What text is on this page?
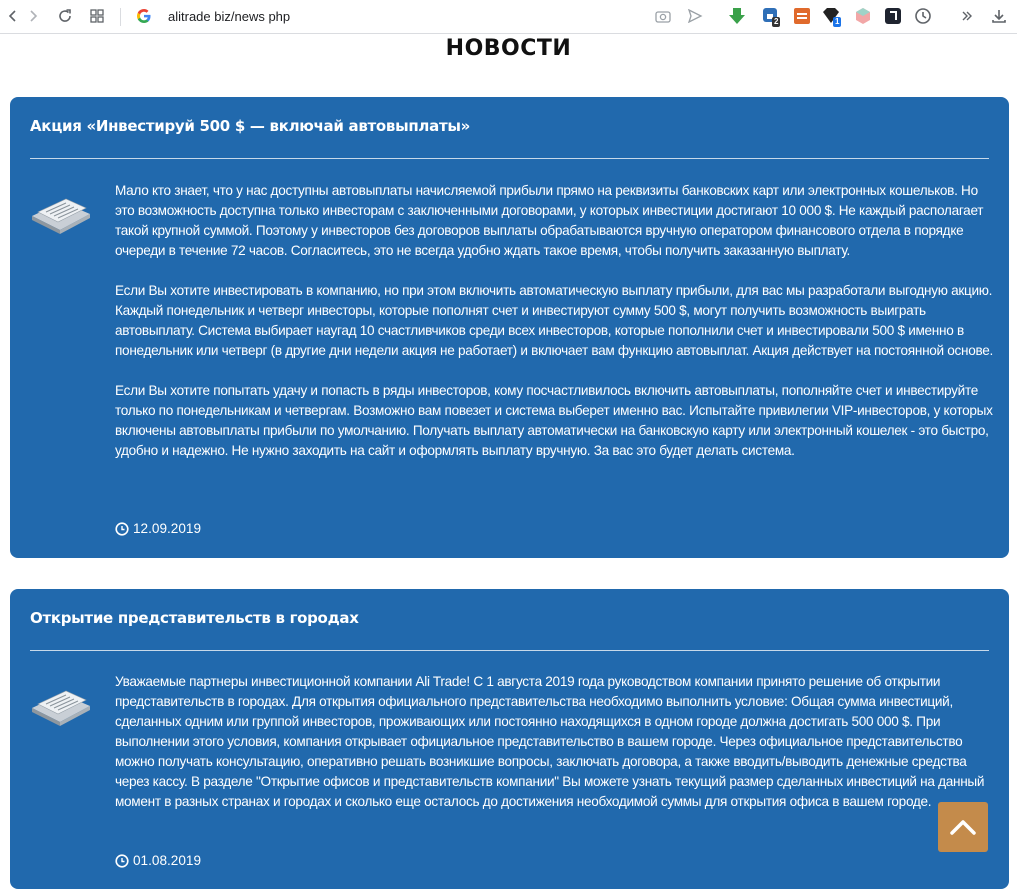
alitrade biz/news php	2	1
НОВОСТИ
Акция «Инвестируй 500 $ — включай автовыплаты»

Мало кто знает, что у нас доступны автовыплаты начисляемой прибыли прямо на реквизиты банковских карт или электронных кошельков. Но это возможность доступна только инвесторам с заключенными договорами, у которых инвестиции достигают 10 000 $. Не каждый располагает такой крупной суммой. Поэтому у инвесторов без договоров выплаты обрабатываются вручную оператором финансового отдела в порядке очереди в течение 72 часов. Согласитесь, это не всегда удобно ждать такое время, чтобы получить заказанную выплату.

Если Вы хотите инвестировать в компанию, но при этом включить автоматическую выплату прибыли, для вас мы разработали выгодную акцию. Каждый понедельник и четверг инвесторы, которые пополнят счет и инвестируют сумму 500 $, могут получить возможность выиграть автовыплату. Система выбирает наугад 10 счастливчиков среди всех инвесторов, которые пополнили счет и инвестировали 500 $ именно в понедельник или четверг (в другие дни недели акция не работает) и включает вам функцию автовыплат. Акция действует на постоянной основе.

Если Вы хотите попытать удачу и попасть в ряды инвесторов, кому посчастливилось включить автовыплаты, пополняйте счет и инвестируйте только по понедельникам и четвергам. Возможно вам повезет и система выберет именно вас. Испытайте привилегии VIP-инвесторов, у которых включены автовыплаты прибыли по умолчанию. Получать выплату автоматически на банковскую карту или электронный кошелек - это быстро, удобно и надежно. Не нужно заходить на сайт и оформлять выплату вручную. За вас это будет делать система.

12.09.2019
Открытие представительств в городах

Уважаемые партнеры инвестиционной компании Ali Trade! С 1 августа 2019 года руководством компании принято решение об открытии представительств в городах. Для открытия официального представительства необходимо выполнить условие: Общая сумма инвестиций, сделанных одним или группой инвесторов, проживающих или постоянно находящихся в одном городе должна достигать 500 000 $. При выполнении этого условия, компания открывает официальное представительство в вашем городе. Через официальное представительство можно получать консультацию, оперативно решать возникшие вопросы, заключать договора, а также вводить/выводить денежные средства через кассу. В разделе "Открытие офисов и представительств компании" Вы можете узнать текущий размер сделанных инвестиций на данный момент в разных странах и городах и сколько еще осталось до достижения необходимой суммы для открытия офиса в вашем городе.

01.08.2019
